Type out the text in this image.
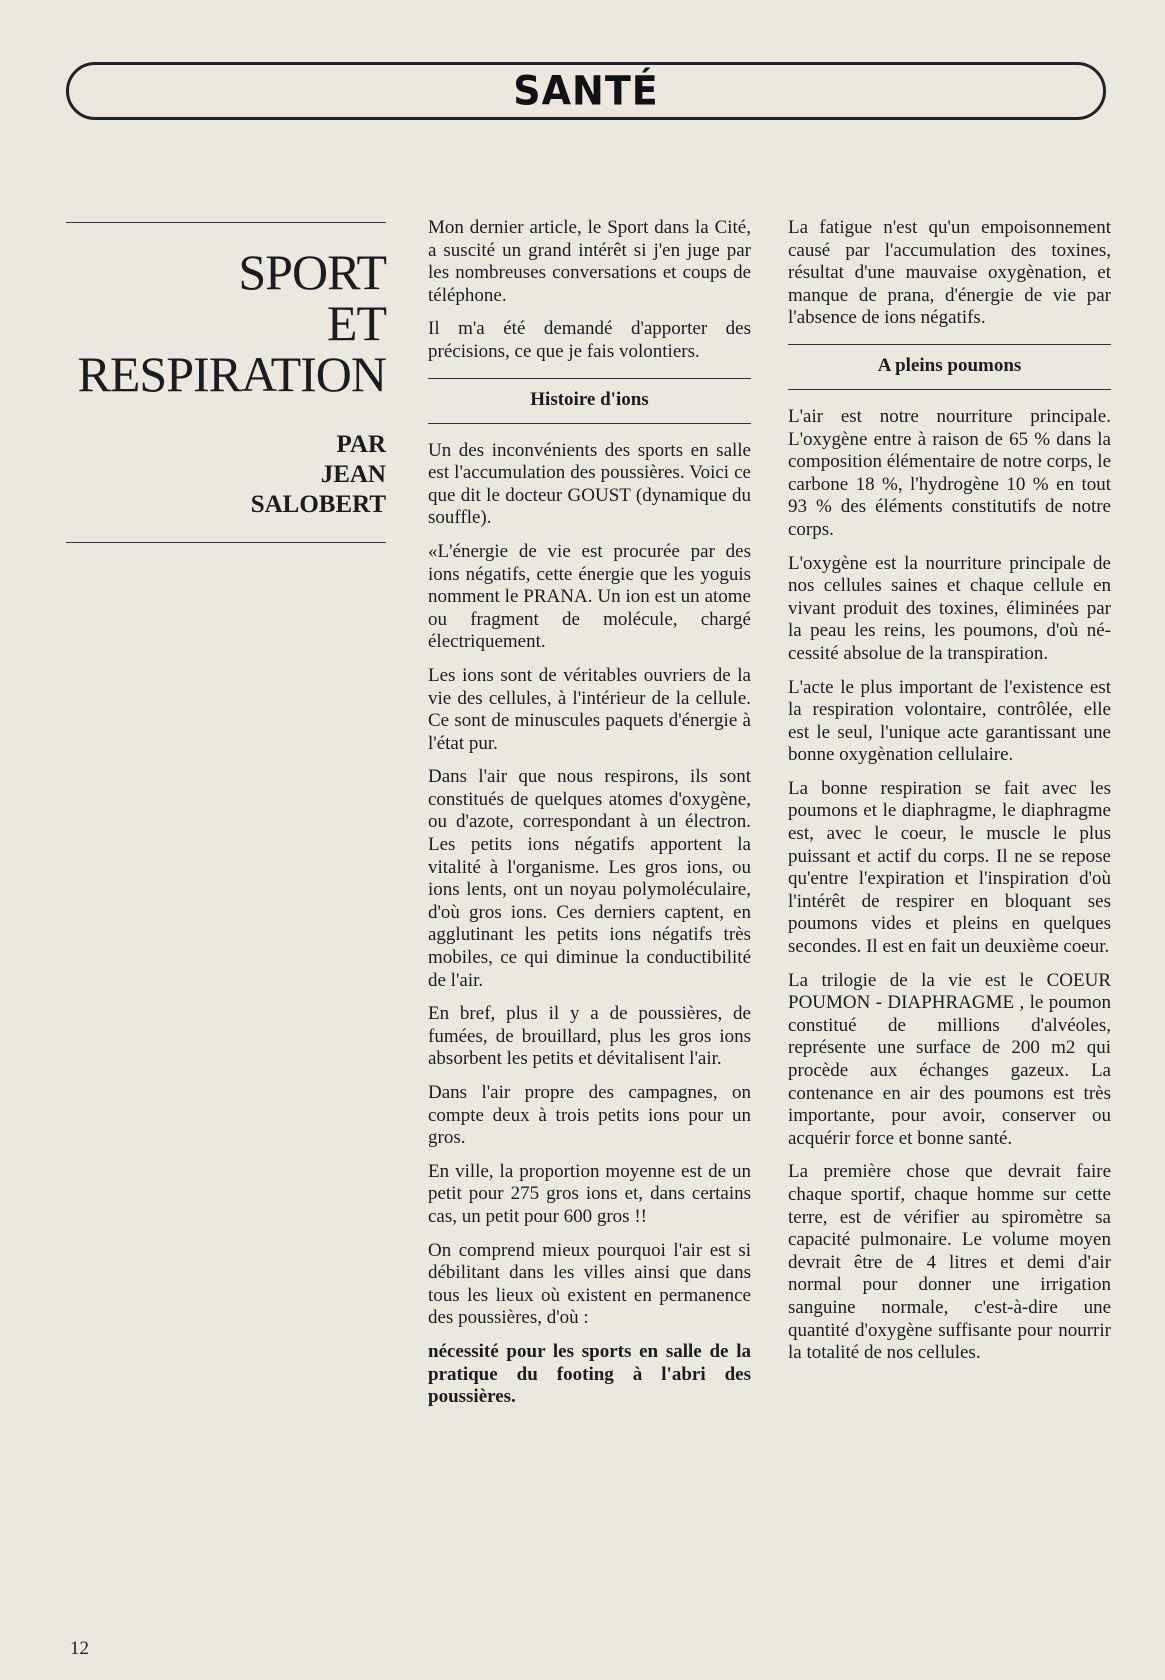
SANTÉ
SPORT
ET
RESPIRATION
PAR
JEAN
SALOBERT

Mon dernier article, le Sport dans la Cité, a suscité un grand intérêt si j'en juge par les nombreuses conversations et coups de téléphone.

Il m'a été demandé d'apporter des précisions, ce que je fais volontiers.

Histoire d'ions

Un des inconvénients des sports en salle est l'accumulation des poussières. Voici ce que dit le docteur GOUST (dynamique du souffle).

«L'énergie de vie est procurée par des ions négatifs, cette énergie que les yoguis nomment le PRANA. Un ion est un atome ou fragment de molécule, chargé électriquement.

Les ions sont de véritables ouvriers de la vie des cellules, à l'intérieur de la cellule. Ce sont de minuscules paquets d'énergie à l'état pur.

Dans l'air que nous respirons, ils sont constitués de quelques atomes d'oxygène, ou d'azote, correspondant à un électron. Les petits ions négatifs apportent la vitalité à l'organisme. Les gros ions, ou ions lents, ont un noyau polymoléculaire, d'où gros ions. Ces derniers captent, en agglutinant les petits ions négatifs très mobiles, ce qui diminue la conductibilité de l'air.

En bref, plus il y a de poussières, de fumées, de brouillard, plus les gros ions absorbent les petits et dévitalisent l'air.

Dans l'air propre des campagnes, on compte deux à trois petits ions pour un gros.

En ville, la proportion moyenne est de un petit pour 275 gros ions et, dans certains cas, un petit pour 600 gros !!

On comprend mieux pourquoi l'air est si débilitant dans les villes ainsi que dans tous les lieux où existent en permanence des poussières, d'où :

nécessité pour les sports en salle de la pratique du footing à l'abri des poussières.

La fatigue n'est qu'un empoisonnement causé par l'accumulation des toxines, résultat d'une mauvaise oxygènation, et manque de prana, d'énergie de vie par l'absence de ions négatifs.

A pleins poumons

L'air est notre nourriture principale. L'oxygène entre à raison de 65 % dans la composition élémentaire de notre corps, le carbone 18 %, l'hydrogène 10 % en tout 93 % des éléments constitutifs de notre corps.

L'oxygène est la nourriture principale de nos cellules saines et chaque cellule en vivant produit des toxines, éliminées par la peau les reins, les poumons, d'où nécessité absolue de la transpiration.

L'acte le plus important de l'existence est la respiration volontaire, contrôlée, elle est le seul, l'unique acte garantissant une bonne oxygènation cellulaire.

La bonne respiration se fait avec les poumons et le diaphragme, le diaphragme est, avec le coeur, le muscle le plus puissant et actif du corps. Il ne se repose qu'entre l'expiration et l'inspiration d'où l'intérêt de respirer en bloquant ses poumons vides et pleins en quelques secondes. Il est en fait un deuxième coeur.

La trilogie de la vie est le COEUR POUMON - DIAPHRAGME , le poumon constitué de millions d'alvéoles, représente une surface de 200 m2 qui procède aux échanges gazeux. La contenance en air des poumons est très importante, pour avoir, conserver ou acquérir force et bonne santé.

La première chose que devrait faire chaque sportif, chaque homme sur cette terre, est de vérifier au spiromètre sa capacité pulmonaire. Le volume moyen devrait être de 4 litres et demi d'air normal pour donner une irrigation sanguine normale, c'est-à-dire une quantité d'oxygène suffisante pour nourrir la totalité de nos cellules.

12
